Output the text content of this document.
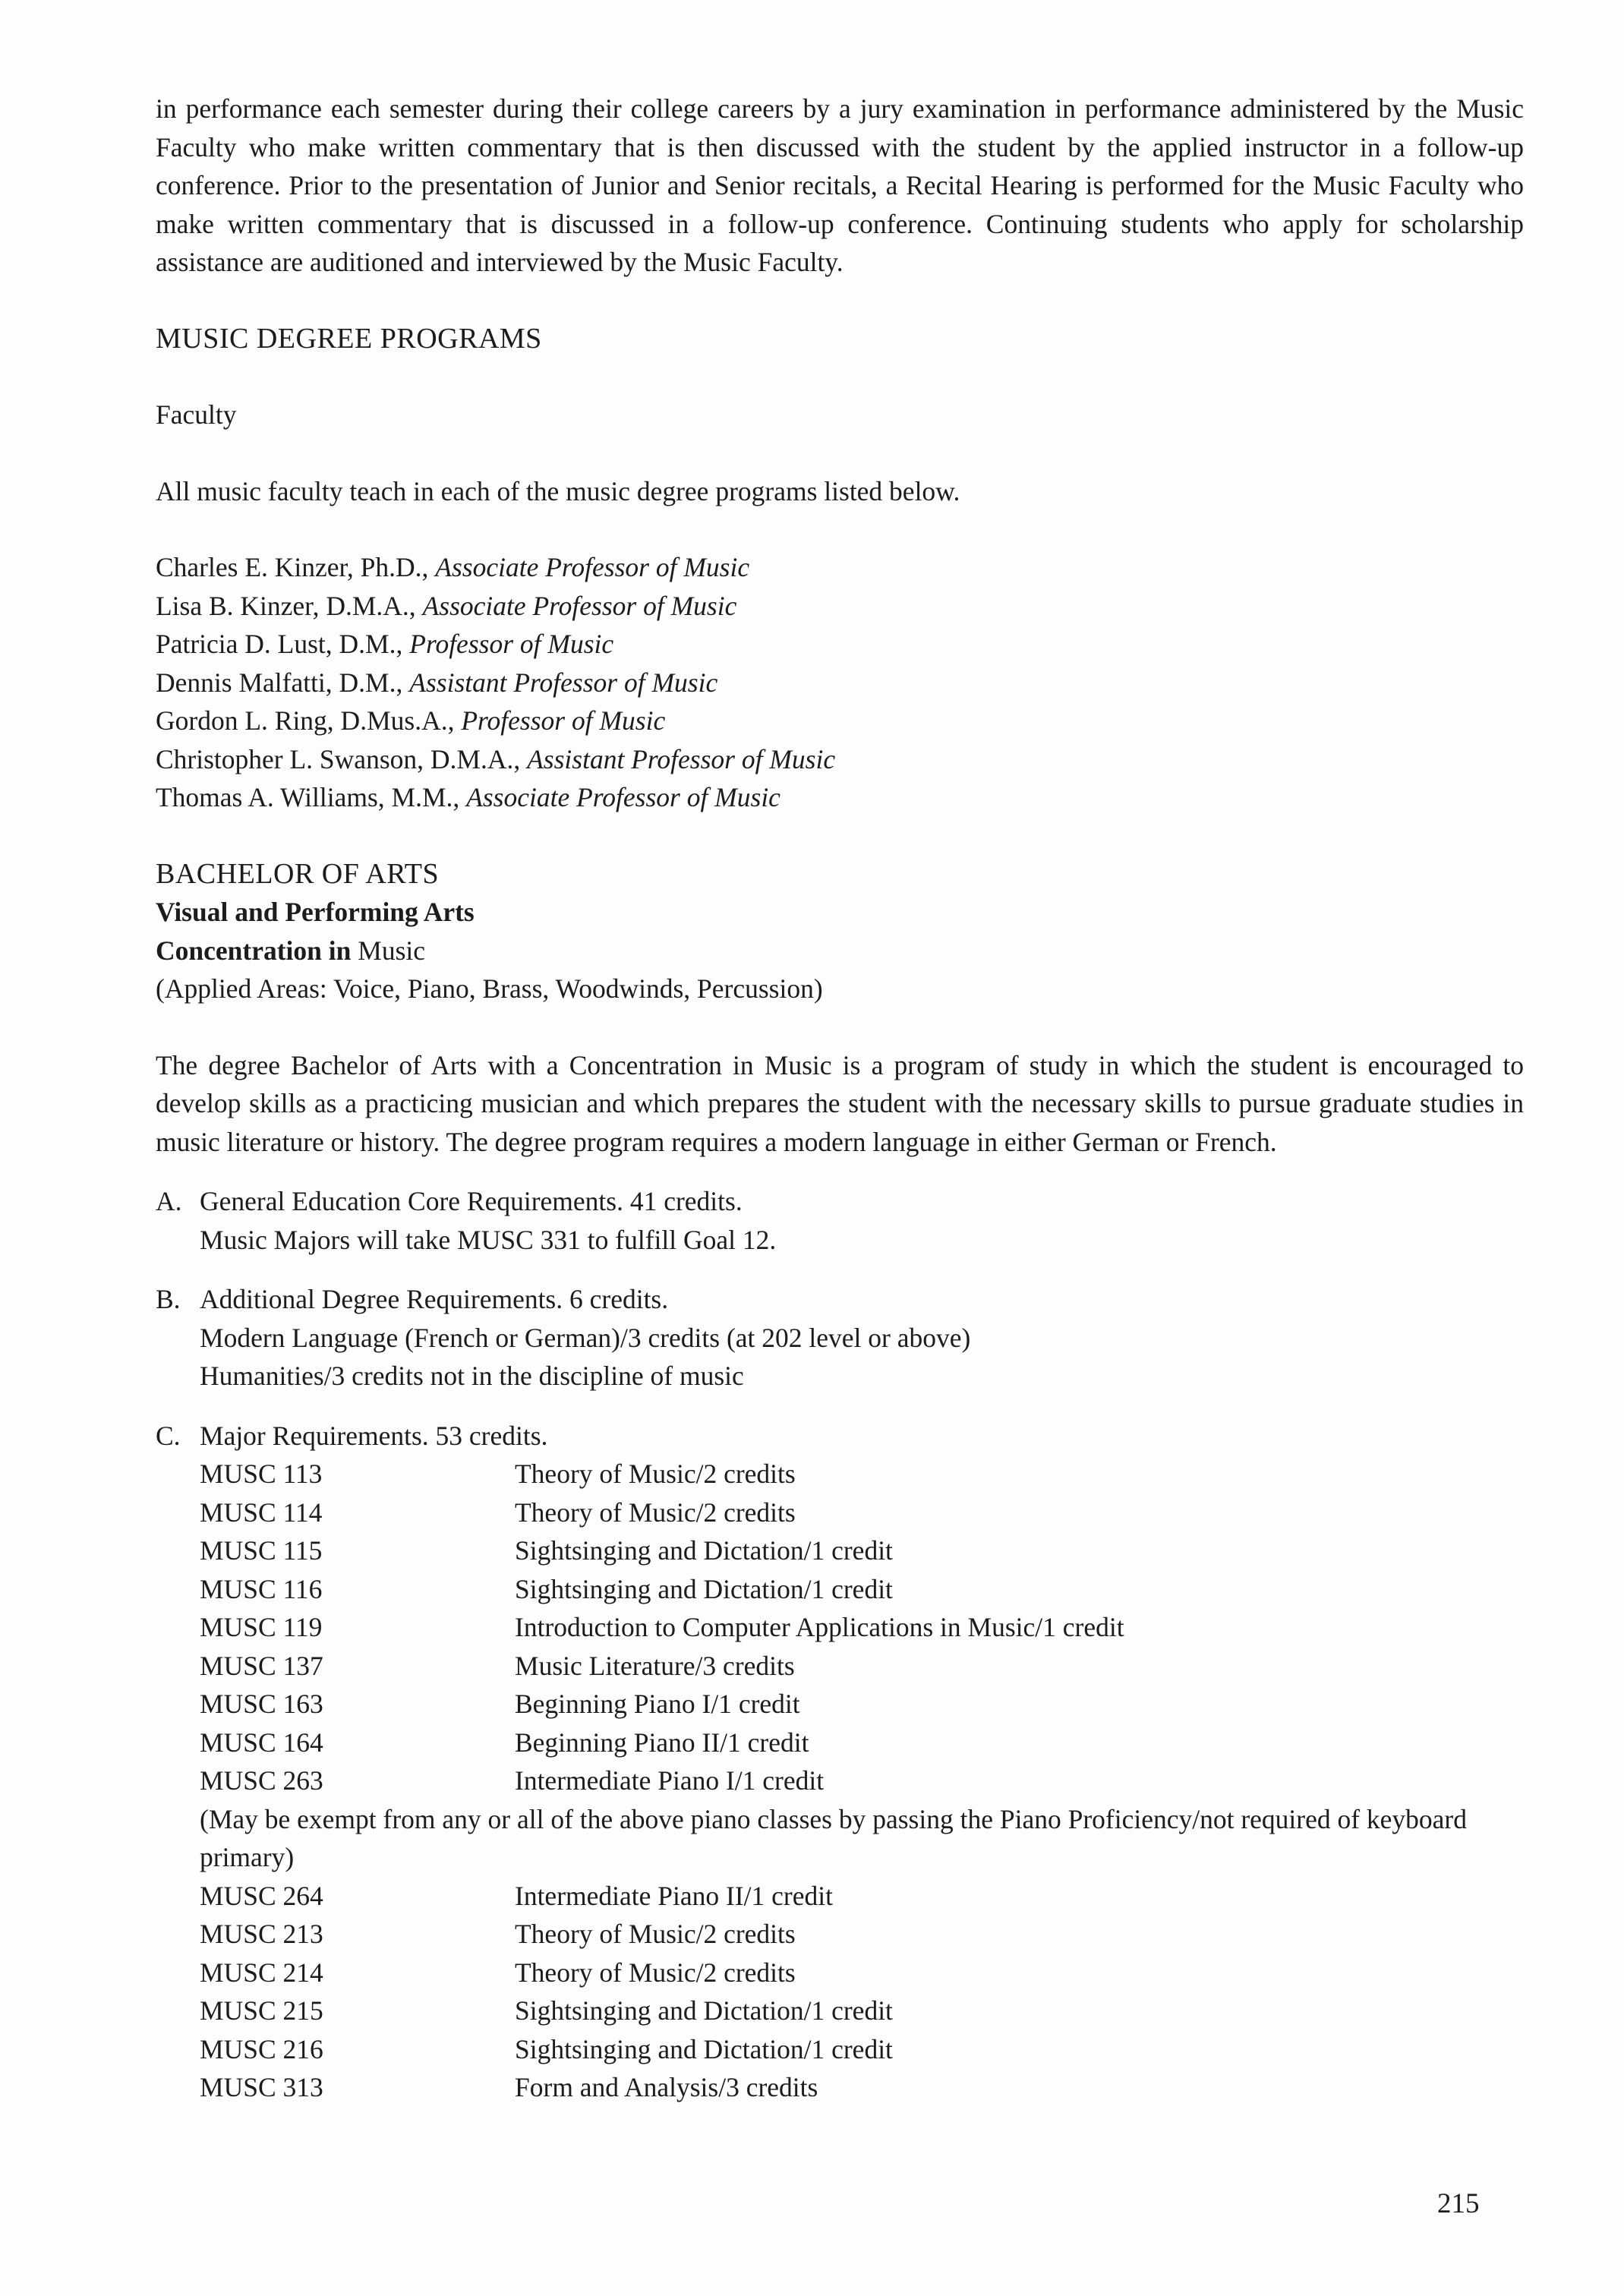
in performance each semester during their college careers by a jury examination in performance administered by the Music Faculty who make written commentary that is then discussed with the student by the applied instructor in a follow-up conference. Prior to the presentation of Junior and Senior recitals, a Recital Hearing is performed for the Music Faculty who make written commentary that is discussed in a follow-up conference. Continuing students who apply for scholarship assistance are auditioned and interviewed by the Music Faculty.

MUSIC DEGREE PROGRAMS

Faculty

All music faculty teach in each of the music degree programs listed below.

Charles E. Kinzer, Ph.D., Associate Professor of Music

Lisa B. Kinzer, D.M.A., Associate Professor of Music

Patricia D. Lust, D.M., Professor of Music

Dennis Malfatti, D.M., Assistant Professor of Music

Gordon L. Ring, D.Mus.A., Professor of Music

Christopher L. Swanson, D.M.A., Assistant Professor of Music

Thomas A. Williams, M.M., Associate Professor of Music

BACHELOR OF ARTS

Visual and Performing Arts

Concentration in Music

(Applied Areas: Voice, Piano, Brass, Woodwinds, Percussion)

The degree Bachelor of Arts with a Concentration in Music is a program of study in which the student is encouraged to develop skills as a practicing musician and which prepares the student with the necessary skills to pursue graduate studies in music literature or history. The degree program requires a modern language in either German or French.

A. General Education Core Requirements. 41 credits.

Music Majors will take MUSC 331 to fulfill Goal 12.

B. Additional Degree Requirements. 6 credits.

Modern Language (French or German)/3 credits (at 202 level or above)

Humanities/3 credits not in the discipline of music

C. Major Requirements. 53 credits.

MUSC 113	Theory of Music/2 credits
MUSC 114	Theory of Music/2 credits
MUSC 115	Sightsinging and Dictation/1 credit
MUSC 116	Sightsinging and Dictation/1 credit
MUSC 119	Introduction to Computer Applications in Music/1 credit
MUSC 137	Music Literature/3 credits
MUSC 163	Beginning Piano I/1 credit
MUSC 164	Beginning Piano II/1 credit
MUSC 263	Intermediate Piano I/1 credit

(May be exempt from any or all of the above piano classes by passing the Piano Proficiency/not required of keyboard primary)

MUSC 264	Intermediate Piano II/1 credit
MUSC 213	Theory of Music/2 credits
MUSC 214	Theory of Music/2 credits
MUSC 215	Sightsinging and Dictation/1 credit
MUSC 216	Sightsinging and Dictation/1 credit
MUSC 313	Form and Analysis/3 credits
215
